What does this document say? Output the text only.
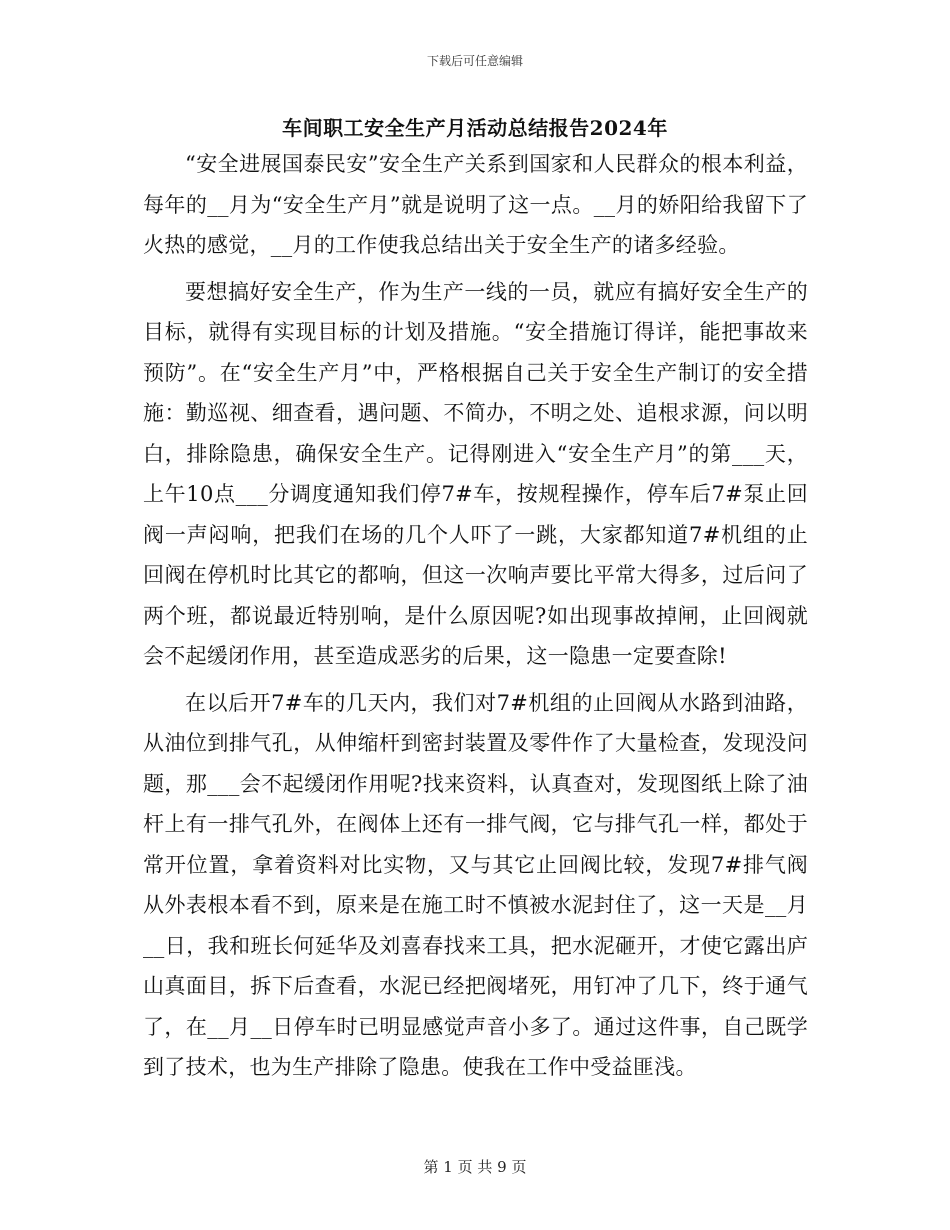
下载后可任意编辑
车间职工安全生产月活动总结报告2024年

“安全进展国泰民安”安全生产关系到国家和人民群众的根本利益，每年的__月为“安全生产月”就是说明了这一点。__月的娇阳给我留下了火热的感觉，__月的工作使我总结出关于安全生产的诸多经验。

要想搞好安全生产，作为生产一线的一员，就应有搞好安全生产的目标，就得有实现目标的计划及措施。“安全措施订得详，能把事故来预防”。在“安全生产月”中，严格根据自己关于安全生产制订的安全措施：勤巡视、细查看，遇问题、不简办，不明之处、追根求源，问以明白，排除隐患，确保安全生产。记得刚进入“安全生产月”的第___天，上午10点___分调度通知我们停7#车，按规程操作，停车后7#泵止回阀一声闷响，把我们在场的几个人吓了一跳，大家都知道7#机组的止回阀在停机时比其它的都响，但这一次响声要比平常大得多，过后问了两个班，都说最近特别响，是什么原因呢?如出现事故掉闸，止回阀就会不起缓闭作用，甚至造成恶劣的后果，这一隐患一定要查除!

在以后开7#车的几天内，我们对7#机组的止回阀从水路到油路，从油位到排气孔，从伸缩杆到密封装置及零件作了大量检查，发现没问题，那___会不起缓闭作用呢?找来资料，认真查对，发现图纸上除了油杆上有一排气孔外，在阀体上还有一排气阀，它与排气孔一样，都处于常开位置，拿着资料对比实物，又与其它止回阀比较，发现7#排气阀从外表根本看不到，原来是在施工时不慎被水泥封住了，这一天是__月__日，我和班长何延华及刘喜春找来工具，把水泥砸开，才使它露出庐山真面目，拆下后查看，水泥已经把阀堵死，用钉冲了几下，终于通气了，在__月__日停车时已明显感觉声音小多了。通过这件事，自己既学到了技术，也为生产排除了隐患。使我在工作中受益匪浅。

第 1 页 共 9 页
